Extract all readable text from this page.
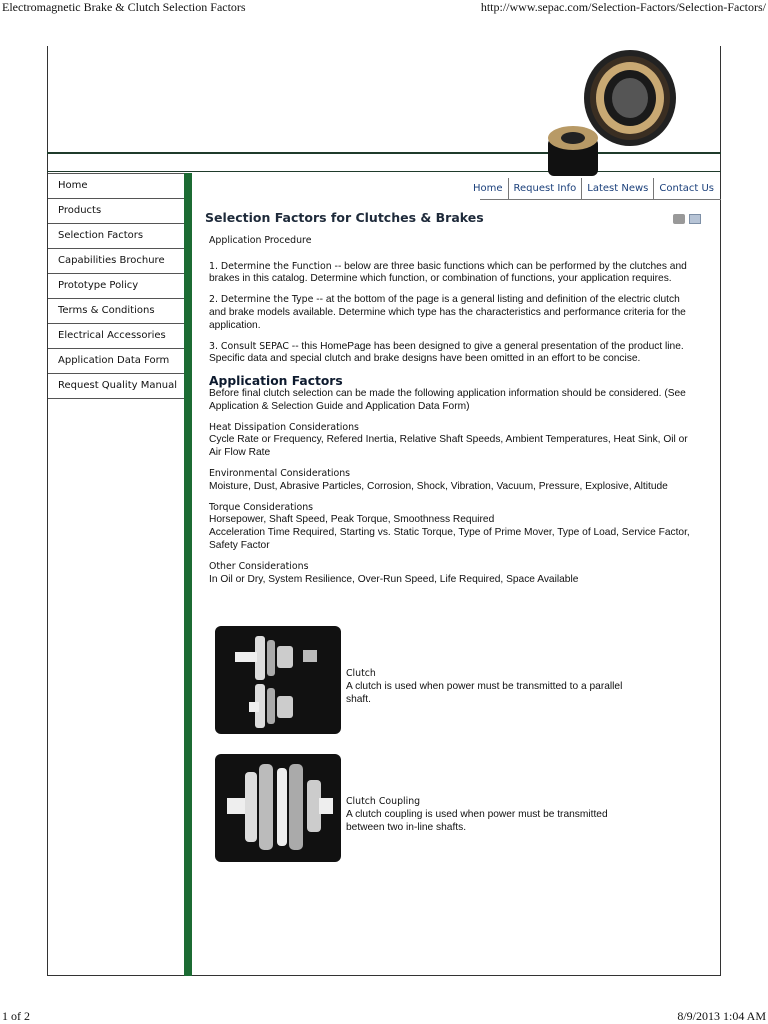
Electromagnetic Brake & Clutch Selection Factors	http://www.sepac.com/Selection-Factors/Selection-Factors/
Home
Products
Selection Factors
Capabilities Brochure
Prototype Policy
Terms & Conditions
Electrical Accessories
Application Data Form
Request Quality Manual
Home	Request Info	Latest News	Contact Us
Selection Factors for Clutches & Brakes
Application Procedure

1. Determine the Function -- below are three basic functions which can be performed by the clutches and brakes in this catalog. Determine which function, or combination of functions, your application requires.

2. Determine the Type -- at the bottom of the page is a general listing and definition of the electric clutch and brake models available. Determine which type has the characteristics and performance criteria for the application.

3. Consult SEPAC -- this HomePage has been designed to give a general presentation of the product line. Specific data and special clutch and brake designs have been omitted in an effort to be concise.

Application Factors

Before final clutch selection can be made the following application information should be considered. (See Application & Selection Guide and Application Data Form)

Heat Dissipation Considerations

Cycle Rate or Frequency, Refered Inertia, Relative Shaft Speeds, Ambient Temperatures, Heat Sink, Oil or Air Flow Rate

Environmental Considerations

Moisture, Dust, Abrasive Particles, Corrosion, Shock, Vibration, Vacuum, Pressure, Explosive, Altitude

Torque Considerations

Horsepower, Shaft Speed, Peak Torque, Smoothness Required

Acceleration Time Required, Starting vs. Static Torque, Type of Prime Mover, Type of Load, Service Factor, Safety Factor

Other Considerations

In Oil or Dry, System Resilience, Over-Run Speed, Life Required, Space Available

Clutch
A clutch is used when power must be transmitted to a parallel shaft.
Clutch Coupling
A clutch coupling is used when power must be transmitted between two in-line shafts.
1 of 2	8/9/2013 1:04 AM
